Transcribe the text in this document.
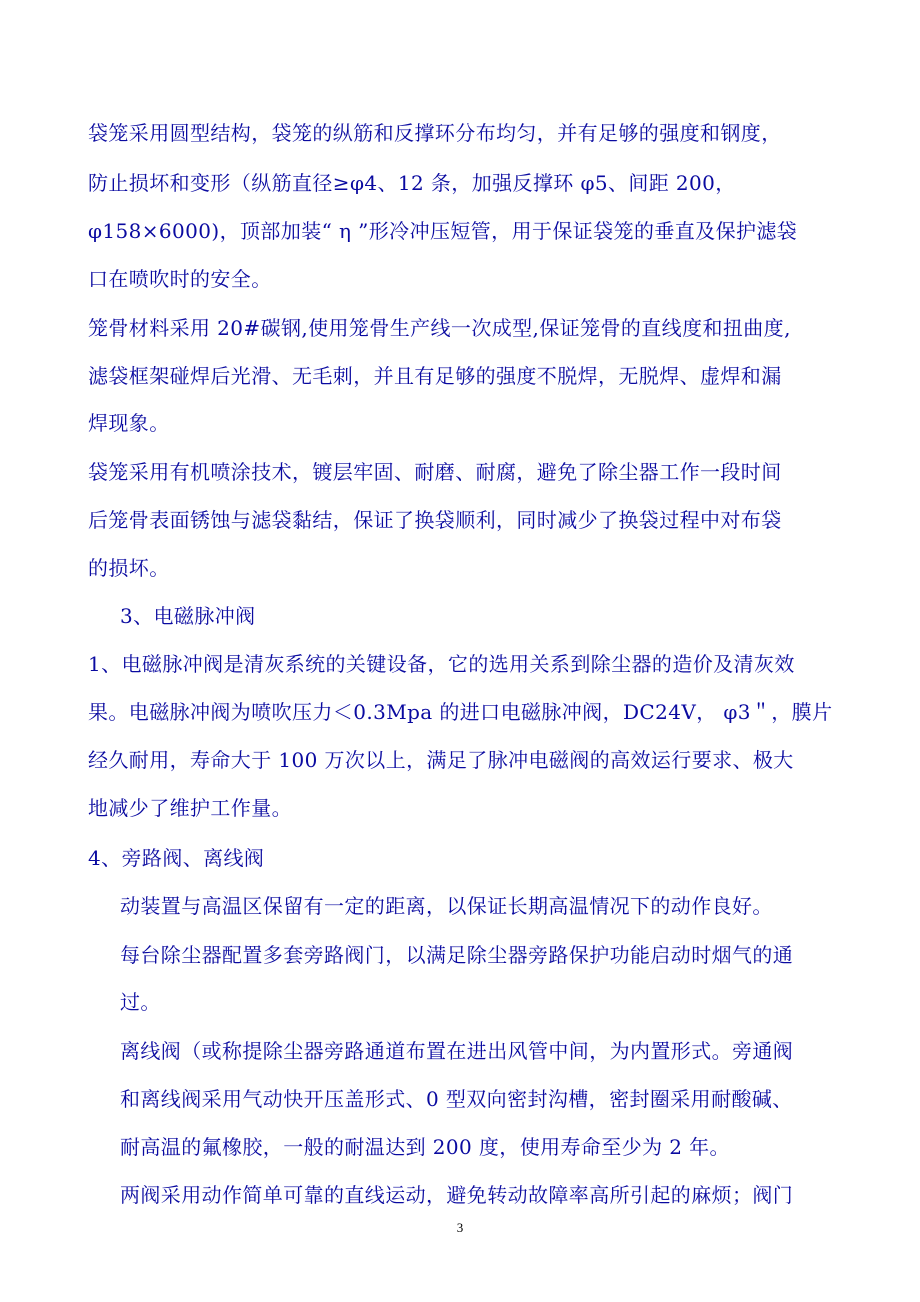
袋笼采用圆型结构，袋笼的纵筋和反撑环分布均匀，并有足够的强度和钢度，
防止损坏和变形（纵筋直径≥φ4、12 条，加强反撑环 φ5、间距 200，
φ158×6000)，顶部加装“ η ”形冷冲压短管，用于保证袋笼的垂直及保护滤袋
口在喷吹时的安全。
笼骨材料采用 20#碳钢,使用笼骨生产线一次成型,保证笼骨的直线度和扭曲度,
滤袋框架碰焊后光滑、无毛刺，并且有足够的强度不脱焊，无脱焊、虚焊和漏
焊现象。
袋笼采用有机喷涂技术，镀层牢固、耐磨、耐腐，避免了除尘器工作一段时间
后笼骨表面锈蚀与滤袋黏结，保证了换袋顺利，同时减少了换袋过程中对布袋
的损坏。
3、电磁脉冲阀
1、电磁脉冲阀是清灰系统的关键设备，它的选用关系到除尘器的造价及清灰效
果。电磁脉冲阀为喷吹压力＜0.3Mpa 的进口电磁脉冲阀，DC24V， φ3＂，膜片
经久耐用，寿命大于 100 万次以上，满足了脉冲电磁阀的高效运行要求、极大
地减少了维护工作量。
4、旁路阀、离线阀
动装置与高温区保留有一定的距离，以保证长期高温情况下的动作良好。
每台除尘器配置多套旁路阀门，以满足除尘器旁路保护功能启动时烟气的通
过。
离线阀（或称提除尘器旁路通道布置在进出风管中间，为内置形式。旁通阀
和离线阀采用气动快开压盖形式、0 型双向密封沟槽，密封圈采用耐酸碱、
耐高温的氟橡胶，一般的耐温达到 200 度，使用寿命至少为 2 年。
两阀采用动作简单可靠的直线运动，避免转动故障率高所引起的麻烦；阀门
3
